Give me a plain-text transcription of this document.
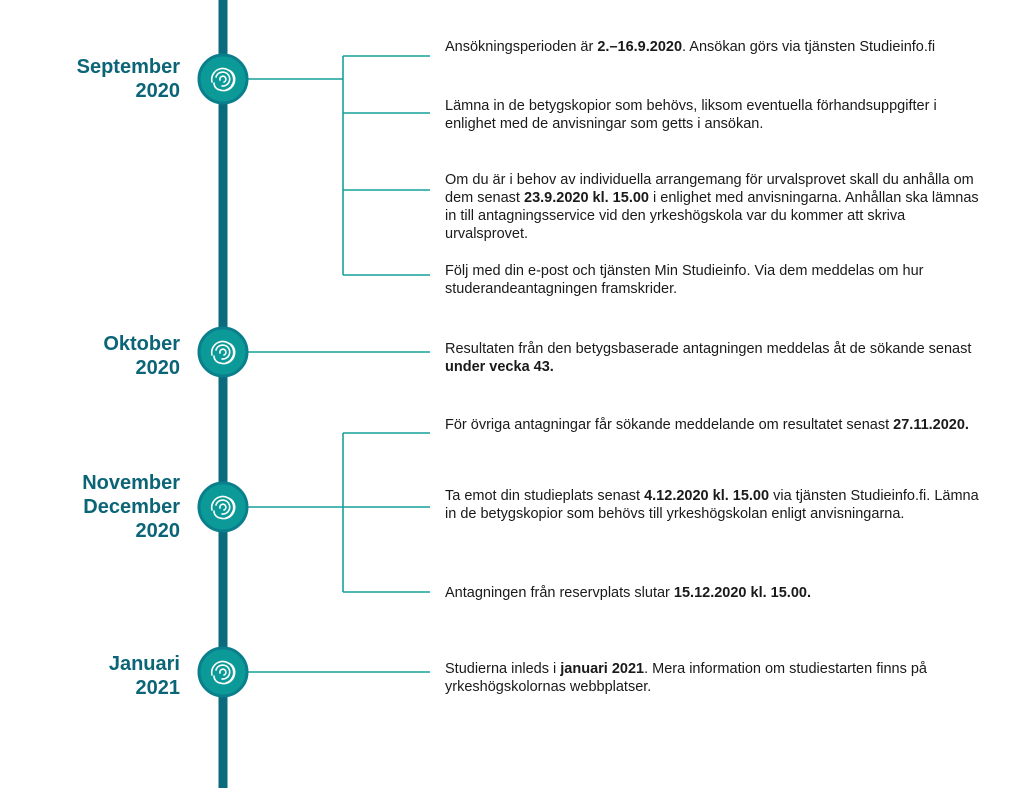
September
2020
Ansökningsperioden är 2.–16.9.2020. Ansökan görs via tjänsten Studieinfo.fi
Lämna in de betygskopior som behövs, liksom eventuella förhandsuppgifter i enlighet med de anvisningar som getts i ansökan.
Om du är i behov av individuella arrangemang för urvalsprovet skall du anhålla om dem senast 23.9.2020 kl. 15.00 i enlighet med anvisningarna. Anhållan ska lämnas in till antagningsservice vid den yrkeshögskola var du kommer att skriva urvalsprovet.
Följ med din e-post och tjänsten Min Studieinfo. Via dem meddelas om hur studerandeantagningen framskrider.
Oktober
2020
Resultaten från den betygsbaserade antagningen meddelas åt de sökande senast under vecka 43.
November
December
2020
För övriga antagningar får sökande meddelande om resultatet senast 27.11.2020.
Ta emot din studieplats senast 4.12.2020 kl. 15.00 via tjänsten Studieinfo.fi. Lämna in de betygskopior som behövs till yrkeshögskolan enligt anvisningarna.
Antagningen från reservplats slutar 15.12.2020 kl. 15.00.
Januari
2021
Studierna inleds i januari 2021. Mera information om studiestarten finns på yrkeshögskolornas webbplatser.
